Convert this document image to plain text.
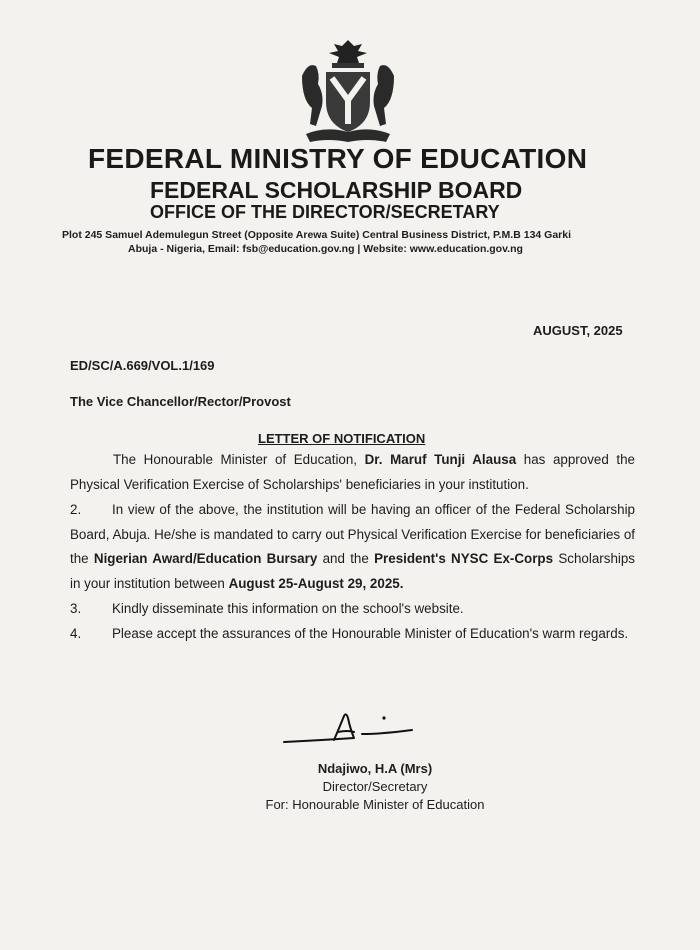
FEDERAL MINISTRY OF EDUCATION
FEDERAL SCHOLARSHIP BOARD
OFFICE OF THE DIRECTOR/SECRETARY
Plot 245 Samuel Ademulegun Street (Opposite Arewa Suite) Central Business District, P.M.B 134 Garki
Abuja - Nigeria, Email: fsb@education.gov.ng | Website: www.education.gov.ng
AUGUST, 2025
ED/SC/A.669/VOL.1/169
The Vice Chancellor/Rector/Provost
LETTER OF NOTIFICATION

The Honourable Minister of Education, Dr. Maruf Tunji Alausa has approved the Physical Verification Exercise of Scholarships' beneficiaries in your institution.

2. In view of the above, the institution will be having an officer of the Federal Scholarship Board, Abuja. He/she is mandated to carry out Physical Verification Exercise for beneficiaries of the Nigerian Award/Education Bursary and the President's NYSC Ex-Corps Scholarships in your institution between August 25-August 29, 2025.

3. Kindly disseminate this information on the school's website.

4. Please accept the assurances of the Honourable Minister of Education's warm regards.

Ndajiwo, H.A (Mrs)
Director/Secretary
For: Honourable Minister of Education
